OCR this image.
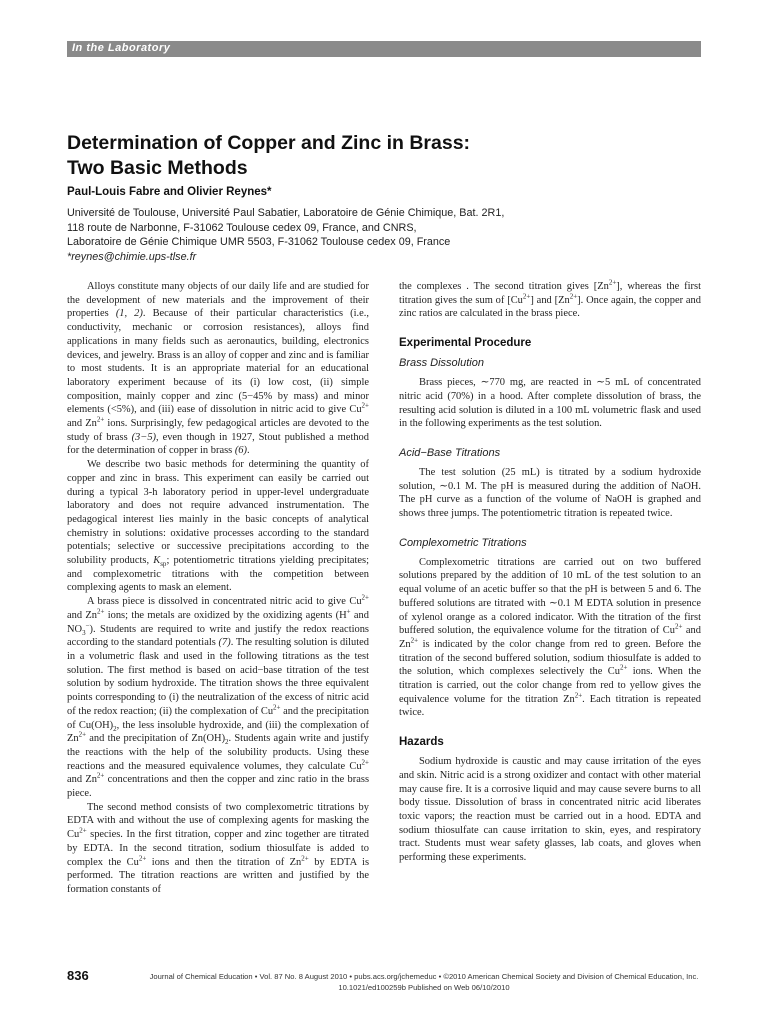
In the Laboratory
Determination of Copper and Zinc in Brass:
Two Basic Methods
Paul-Louis Fabre and Olivier Reynes*
Université de Toulouse, Université Paul Sabatier, Laboratoire de Génie Chimique, Bat. 2R1,
118 route de Narbonne, F-31062 Toulouse cedex 09, France, and CNRS,
Laboratoire de Génie Chimique UMR 5503, F-31062 Toulouse cedex 09, France
*reynes@chimie.ups-tlse.fr

Alloys constitute many objects of our daily life and are studied for the development of new materials and the improvement of their properties (1, 2). Because of their particular characteristics (i.e., conductivity, mechanic or corrosion resistances), alloys find applications in many fields such as aeronautics, building, electronics devices, and jewelry. Brass is an alloy of copper and zinc and is familiar to most students. It is an appropriate material for an educational laboratory experiment because of its (i) low cost, (ii) simple composition, mainly copper and zinc (5−45% by mass) and minor elements (<5%), and (iii) ease of dissolution in nitric acid to give $Cu^{2+}$ and $Zn^{2+}$ ions. Surprisingly, few pedagogical articles are devoted to the study of brass (3−5), even though in 1927, Stout published a method for the determination of copper in brass (6).

We describe two basic methods for determining the quantity of copper and zinc in brass. This experiment can easily be carried out during a typical 3-h laboratory period in upper-level undergraduate laboratory and does not require advanced instrumentation. The pedagogical interest lies mainly in the basic concepts of analytical chemistry in solutions: oxidative processes according to the standard potentials; selective or successive precipitations according to the solubility products, $K_{sp}$; potentiometric titrations yielding precipitates; and complexometric titrations with the competition between complexing agents to mask an element.

A brass piece is dissolved in concentrated nitric acid to give $Cu^{2+}$ and $Zn^{2+}$ ions; the metals are oxidized by the oxidizing agents (H+ and $NO_3^-$). Students are required to write and justify the redox reactions according to the standard potentials (7). The resulting solution is diluted in a volumetric flask and used in the following titrations as the test solution. The first method is based on acid−base titration of the test solution by sodium hydroxide. The titration shows the three equivalent points corresponding to (i) the neutralization of the excess of nitric acid of the redox reaction; (ii) the complexation of $Cu^{2+}$ and the precipitation of $Cu(OH)_2$, the less insoluble hydroxide, and (iii) the complexation of $Zn^{2+}$ and the precipitation of $Zn(OH)_2$. Students again write and justify the reactions with the help of the solubility products. Using these reactions and the measured equivalence volumes, they calculate $Cu^{2+}$ and $Zn^{2+}$ concentrations and then the copper and zinc ratio in the brass piece.

The second method consists of two complexometric titrations by EDTA with and without the use of complexing agents for masking the $Cu^{2+}$ species. In the first titration, copper and zinc together are titrated by EDTA. In the second titration, sodium thiosulfate is added to complex the $Cu^{2+}$ ions and then the titration of $Zn^{2+}$ by EDTA is performed. The titration reactions are written and justified by the formation constants of

the complexes . The second titration gives $[Zn^{2+}]$, whereas the first titration gives the sum of $[Cu^{2+}]$ and $[Zn^{2+}]$. Once again, the copper and zinc ratios are calculated in the brass piece.

Experimental Procedure
Brass Dissolution

Brass pieces, ∼770 mg, are reacted in ∼5 mL of concentrated nitric acid (70%) in a hood. After complete dissolution of brass, the resulting acid solution is diluted in a 100 mL volumetric flask and used in the following experiments as the test solution.

Acid−Base Titrations

The test solution (25 mL) is titrated by a sodium hydroxide solution, ∼0.1 M. The pH is measured during the addition of NaOH. The pH curve as a function of the volume of NaOH is graphed and shows three jumps. The potentiometric titration is repeated twice.

Complexometric Titrations

Complexometric titrations are carried out on two buffered solutions prepared by the addition of 10 mL of the test solution to an equal volume of an acetic buffer so that the pH is between 5 and 6. The buffered solutions are titrated with ∼0.1 M EDTA solution in presence of xylenol orange as a colored indicator. With the titration of the first buffered solution, the equivalence volume for the titration of $Cu^{2+}$ and $Zn^{2+}$ is indicated by the color change from red to green. Before the titration of the second buffered solution, sodium thiosulfate is added to the solution, which complexes selectively the $Cu^{2+}$ ions. When the titration is carried, out the color change from red to yellow gives the equivalence volume for the titration $Zn^{2+}$. Each titration is repeated twice.

Hazards

Sodium hydroxide is caustic and may cause irritation of the eyes and skin. Nitric acid is a strong oxidizer and contact with other material may cause fire. It is a corrosive liquid and may cause severe burns to all body tissue. Dissolution of brass in concentrated nitric acid liberates toxic vapors; the reaction must be carried out in a hood. EDTA and sodium thiosulfate can cause irritation to skin, eyes, and respiratory tract. Students must wear safety glasses, lab coats, and gloves when performing these experiments.

836	Journal of Chemical Education • Vol. 87 No. 8 August 2010 • pubs.acs.org/jchemeduc • ©2010 American Chemical Society and Division of Chemical Education, Inc.
10.1021/ed100259b Published on Web 06/10/2010
